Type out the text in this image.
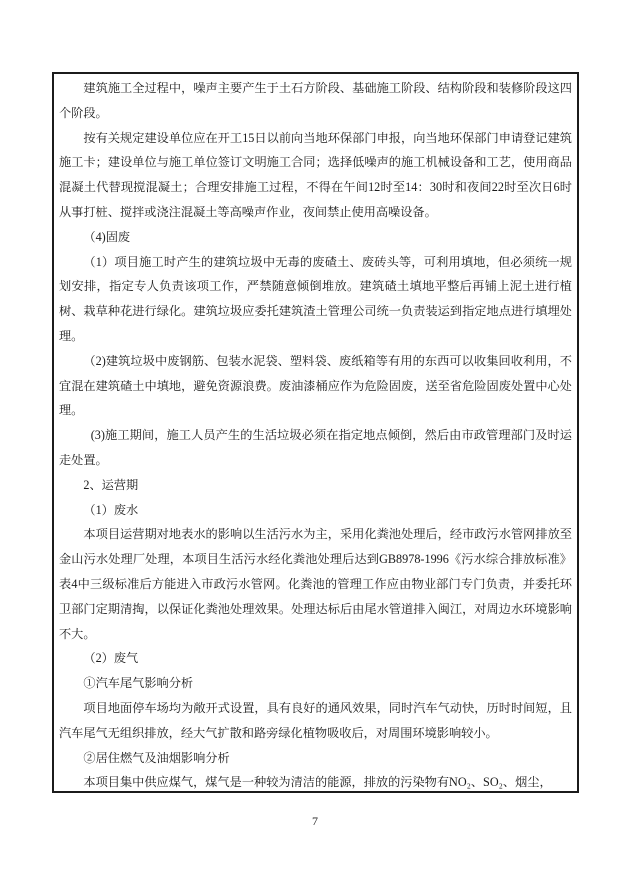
建筑施工全过程中，噪声主要产生于土石方阶段、基础施工阶段、结构阶段和装修阶段这四个阶段。

按有关规定建设单位应在开工15日以前向当地环保部门申报，向当地环保部门申请登记建筑施工卡；建设单位与施工单位签订文明施工合同；选择低噪声的施工机械设备和工艺，使用商品混凝土代替现搅混凝土；合理安排施工过程，不得在午间12时至14：30时和夜间22时至次日6时从事打桩、搅拌或浇注混凝土等高噪声作业，夜间禁止使用高噪设备。

（4)固废

（1）项目施工时产生的建筑垃圾中无毒的废碴土、废砖头等，可利用填地，但必须统一规划安排，指定专人负责该项工作，严禁随意倾倒堆放。建筑碴土填地平整后再铺上泥土进行植树、栽草种花进行绿化。建筑垃圾应委托建筑渣土管理公司统一负责装运到指定地点进行填埋处理。

（2)建筑垃圾中废钢筋、包装水泥袋、塑料袋、废纸箱等有用的东西可以收集回收利用，不宜混在建筑碴土中填地，避免资源浪费。废油漆桶应作为危险固废，送至省危险固废处置中心处理。

(3)施工期间，施工人员产生的生活垃圾必须在指定地点倾倒，然后由市政管理部门及时运走处置。

2、运营期

（1）废水

本项目运营期对地表水的影响以生活污水为主，采用化粪池处理后，经市政污水管网排放至金山污水处理厂处理，本项目生活污水经化粪池处理后达到GB8978-1996《污水综合排放标准》表4中三级标准后方能进入市政污水管网。化粪池的管理工作应由物业部门专门负责，并委托环卫部门定期清掏，以保证化粪池处理效果。处理达标后由尾水管道排入闽江，对周边水环境影响不大。

（2）废气

①汽车尾气影响分析

项目地面停车场均为敞开式设置，具有良好的通风效果，同时汽车气动快，历时时间短，且汽车尾气无组织排放，经大气扩散和路旁绿化植物吸收后，对周围环境影响较小。

②居住燃气及油烟影响分析

本项目集中供应煤气，煤气是一种较为清洁的能源，排放的污染物有NO₂、SO₂、烟尘，

7
